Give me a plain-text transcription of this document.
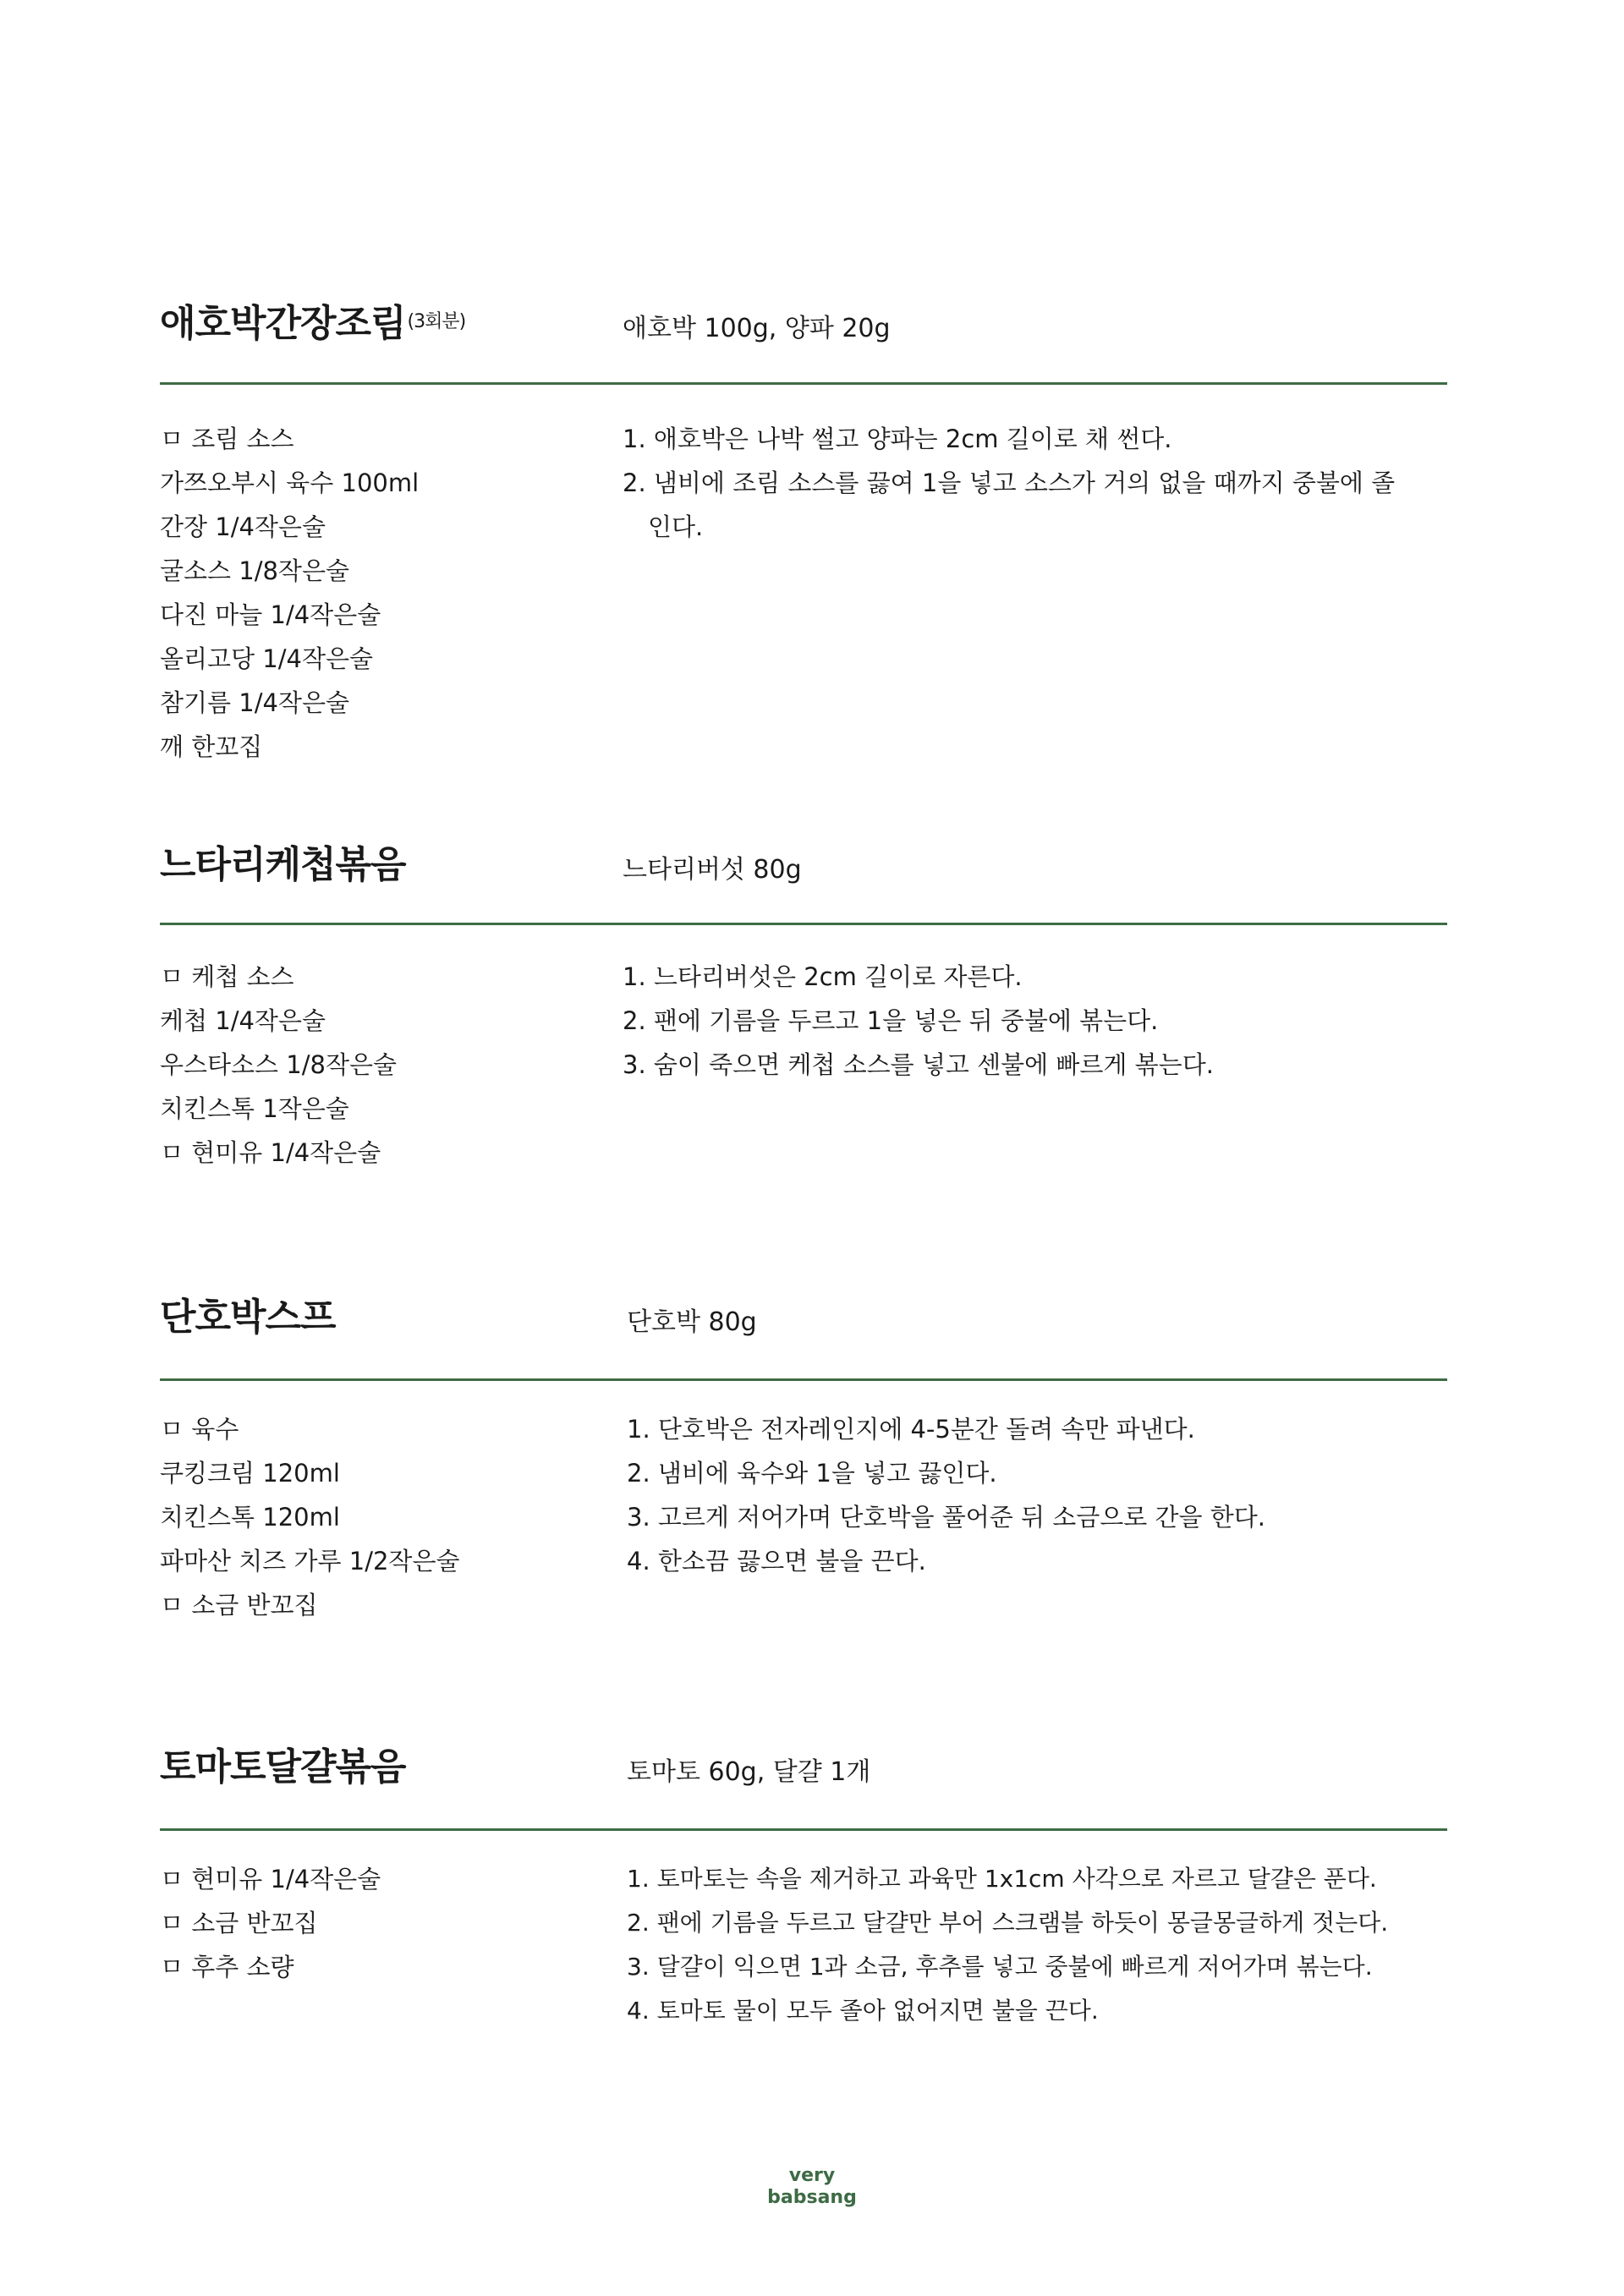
애호박간장조림$^{(3회분)}$	애호박 100g, 양파 20g
ㅁ 조림 소스
가쯔오부시 육수 100ml
간장 1/4작은술
굴소스 1/8작은술
다진 마늘 1/4작은술
올리고당 1/4작은술
참기름 1/4작은술
깨 한꼬집
1. 애호박은 나박 썰고 양파는 2cm 길이로 채 썬다.
2. 냄비에 조림 소스를 끓여 1을 넣고 소스가 거의 없을 때까지 중불에 졸인다.
느타리케첩볶음	느타리버섯 80g
ㅁ 케첩 소스
케첩 1/4작은술
우스타소스 1/8작은술
치킨스톡 1작은술
ㅁ 현미유 1/4작은술
1. 느타리버섯은 2cm 길이로 자른다.
2. 팬에 기름을 두르고 1을 넣은 뒤 중불에 볶는다.
3. 숨이 죽으면 케첩 소스를 넣고 센불에 빠르게 볶는다.
단호박스프	단호박 80g
ㅁ 육수
쿠킹크림 120ml
치킨스톡 120ml
파마산 치즈 가루 1/2작은술
ㅁ 소금 반꼬집
1. 단호박은 전자레인지에 4-5분간 돌려 속만 파낸다.
2. 냄비에 육수와 1을 넣고 끓인다.
3. 고르게 저어가며 단호박을 풀어준 뒤 소금으로 간을 한다.
4. 한소끔 끓으면 불을 끈다.
토마토달걀볶음	토마토 60g, 달걀 1개
ㅁ 현미유 1/4작은술
ㅁ 소금 반꼬집
ㅁ 후추 소량
1. 토마토는 속을 제거하고 과육만 1x1cm 사각으로 자르고 달걀은 푼다.
2. 팬에 기름을 두르고 달걀만 부어 스크램블 하듯이 몽글몽글하게 젓는다.
3. 달걀이 익으면 1과 소금, 후추를 넣고 중불에 빠르게 저어가며 볶는다.
4. 토마토 물이 모두 졸아 없어지면 불을 끈다.
very
babsang
